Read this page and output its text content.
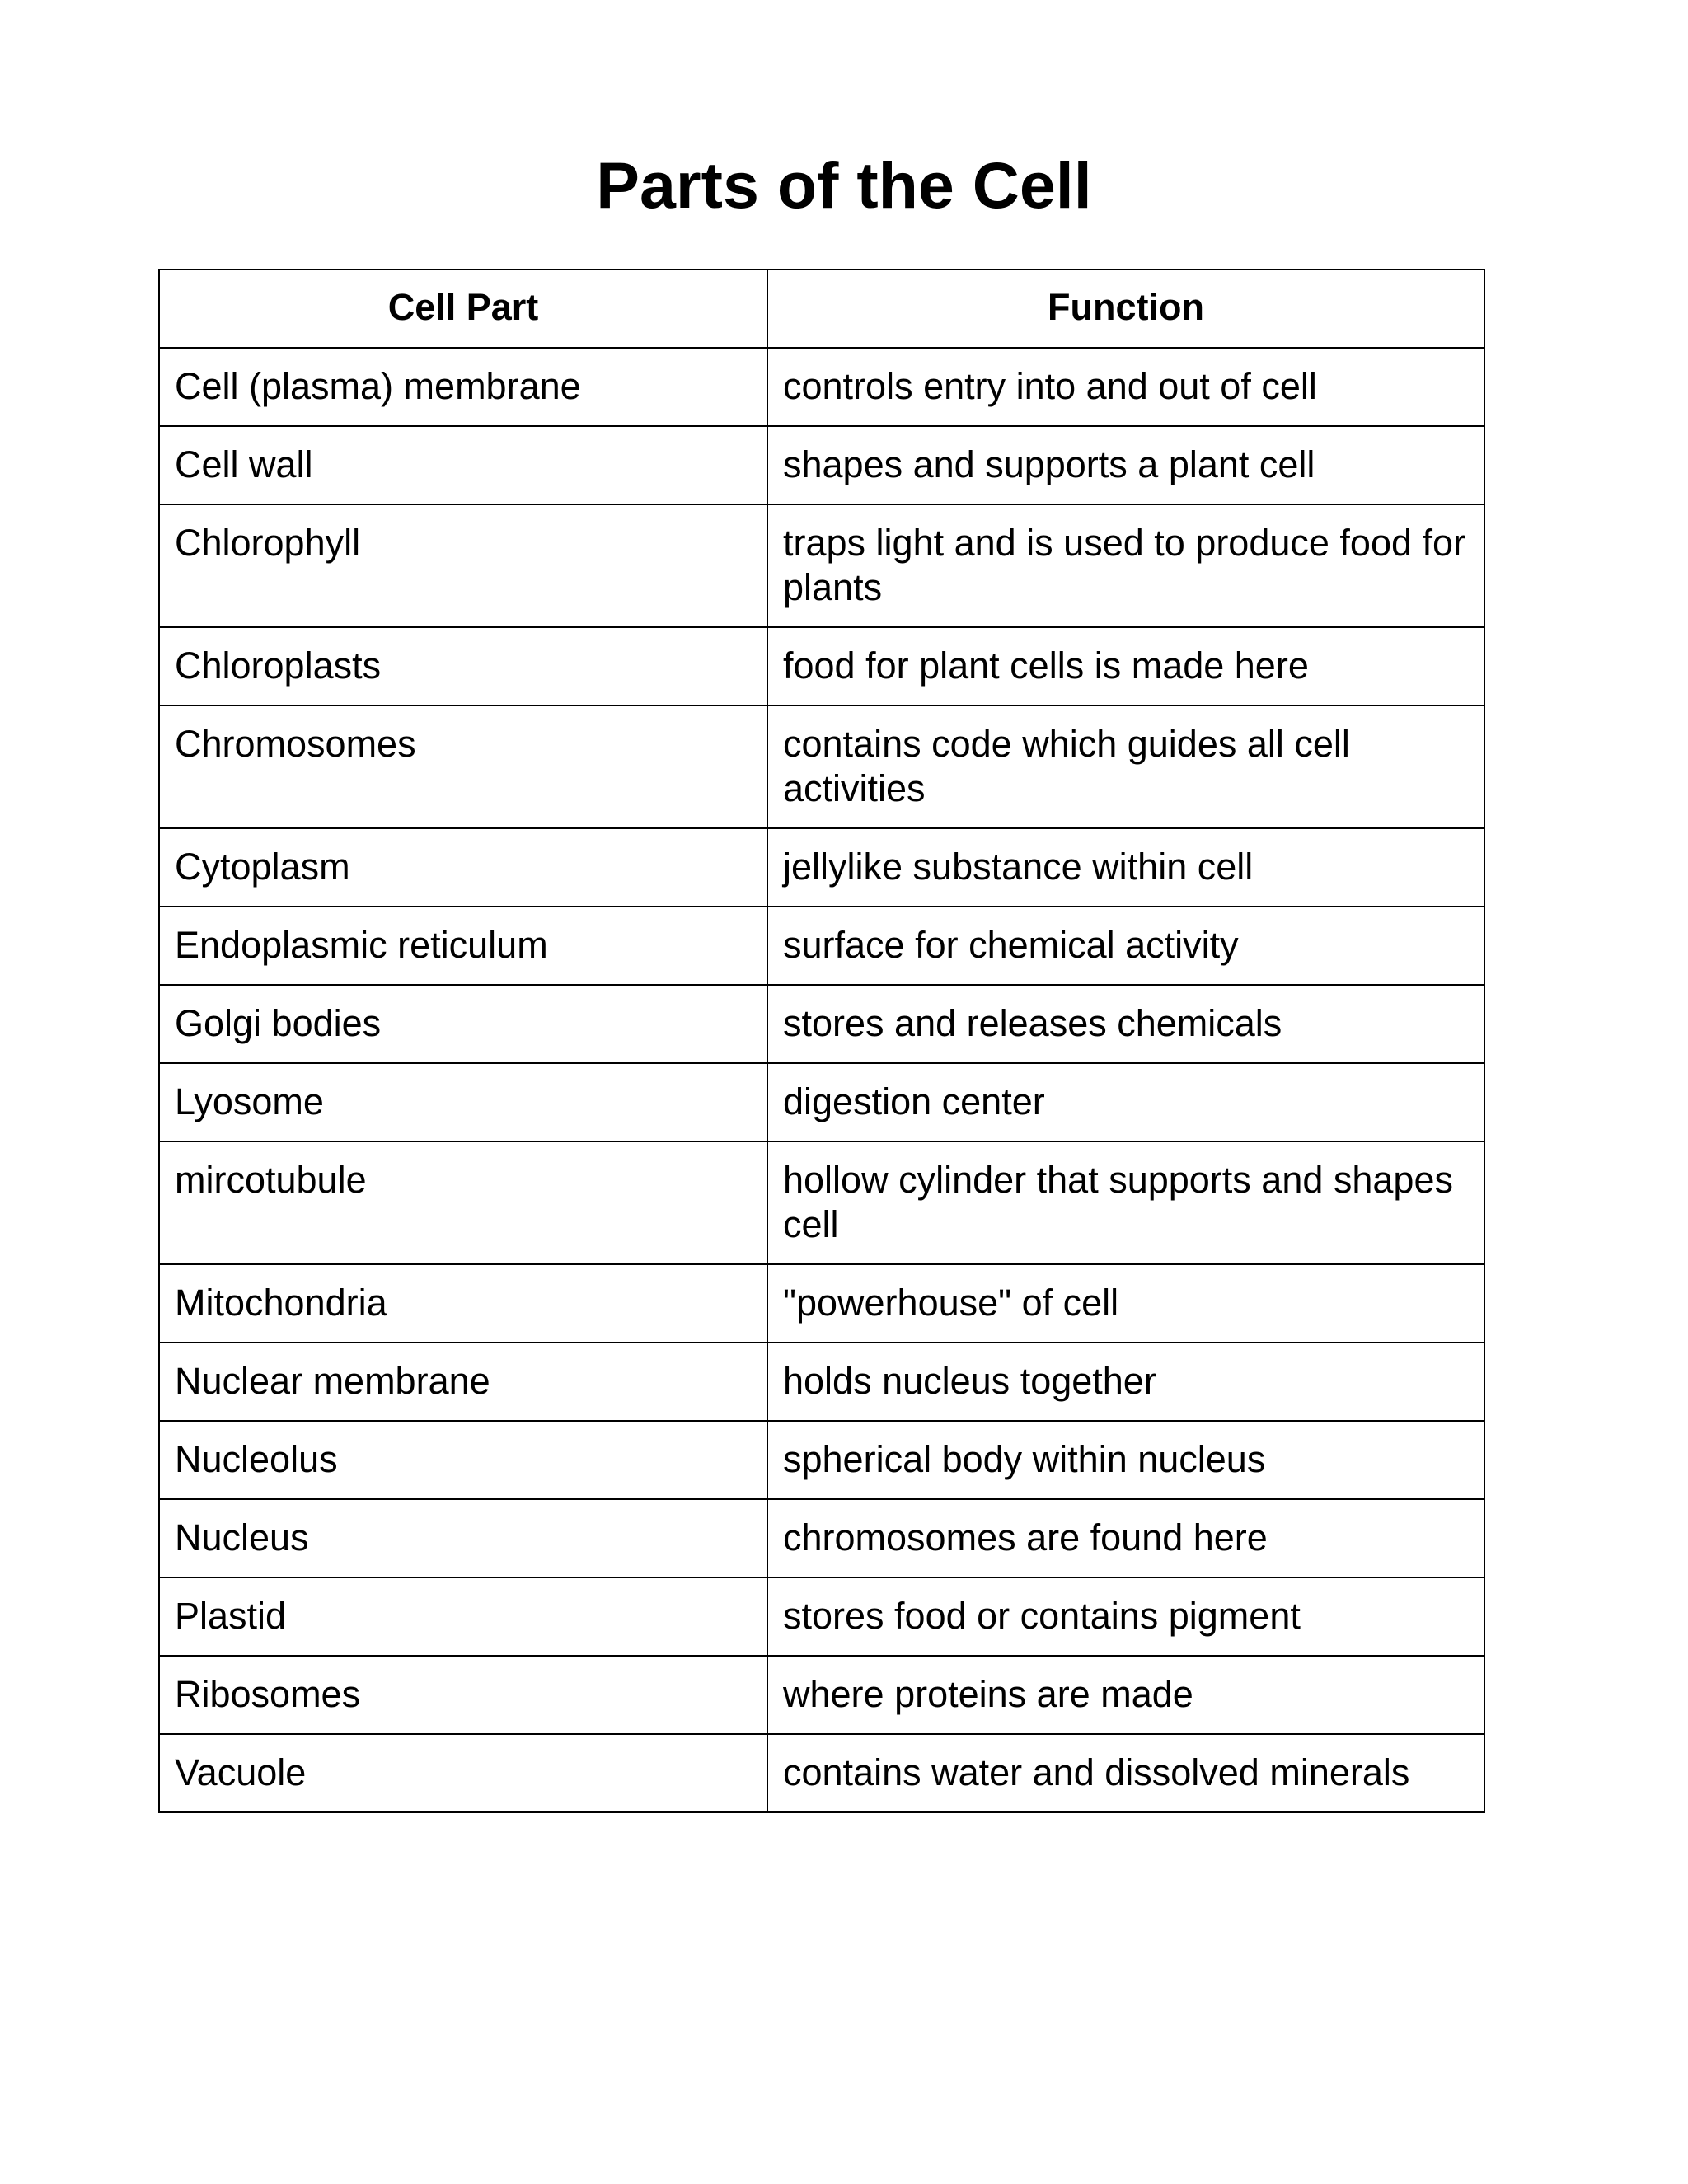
Parts of the Cell
Cell Part	Function
Cell (plasma) membrane	controls entry into and out of cell
Cell wall	shapes and supports a plant cell
Chlorophyll	traps light and is used to produce food for plants
Chloroplasts	food for plant cells is made here
Chromosomes	contains code which guides all cell activities
Cytoplasm	jellylike substance within cell
Endoplasmic reticulum	surface for chemical activity
Golgi bodies	stores and releases chemicals
Lyosome	digestion center
mircotubule	hollow cylinder that supports and shapes cell
Mitochondria	"powerhouse" of cell
Nuclear membrane	holds nucleus together
Nucleolus	spherical body within nucleus
Nucleus	chromosomes are found here
Plastid	stores food or contains pigment
Ribosomes	where proteins are made
Vacuole	contains water and dissolved minerals
